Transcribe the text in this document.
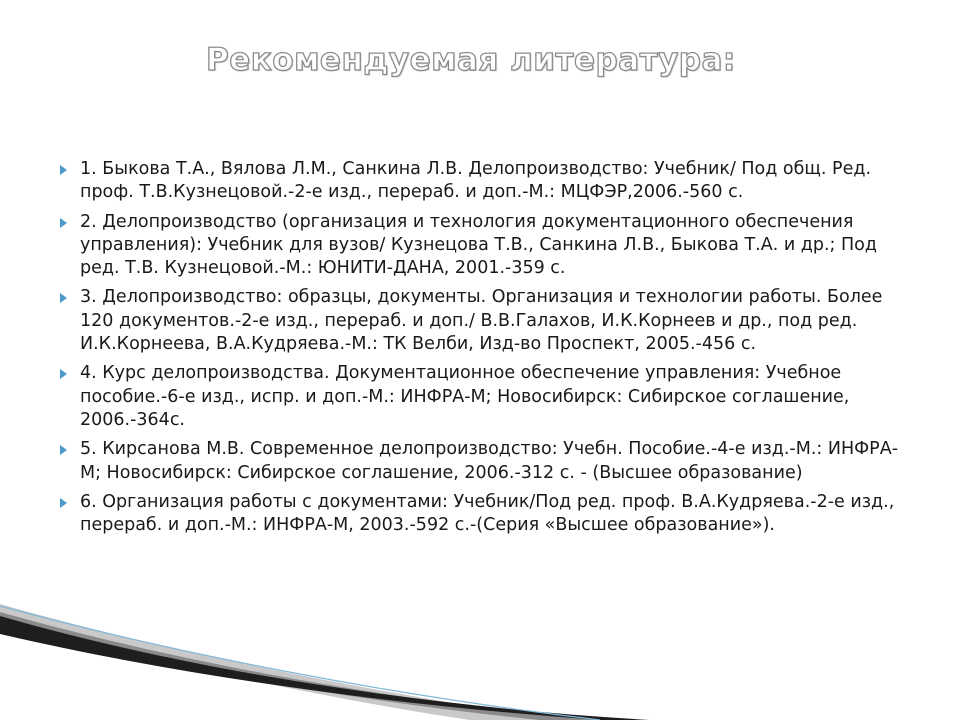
Рекомендуемая литература:
1. Быкова Т.А., Вялова Л.М., Санкина Л.В. Делопроизводство: Учебник/ Под общ. Ред. проф. Т.В.Кузнецовой.-2-е изд., перераб. и доп.-М.: МЦФЭР,2006.-560 с.
2. Делопроизводство (организация и технология документационного обеспечения управления): Учебник для вузов/ Кузнецова Т.В., Санкина Л.В., Быкова Т.А. и др.; Под ред. Т.В. Кузнецовой.-М.: ЮНИТИ-ДАНА, 2001.-359 с.
3. Делопроизводство: образцы, документы. Организация и технологии работы. Более 120 документов.-2-е изд., перераб. и доп./ В.В.Галахов, И.К.Корнеев и др., под ред. И.К.Корнеева, В.А.Кудряева.-М.: ТК Велби, Изд-во Проспект, 2005.-456 с.
4. Курс делопроизводства. Документационное обеспечение управления: Учебное пособие.-6-е изд., испр. и доп.-М.: ИНФРА-М; Новосибирск: Сибирское соглашение, 2006.-364с.
5. Кирсанова М.В. Современное делопроизводство: Учебн. Пособие.-4-е изд.-М.: ИНФРА-М; Новосибирск: Сибирское соглашение, 2006.-312 с. - (Высшее образование)
6. Организация работы с документами: Учебник/Под ред. проф. В.А.Кудряева.-2-е изд., перераб. и доп.-М.: ИНФРА-М, 2003.-592 с.-(Серия «Высшее образование»).
